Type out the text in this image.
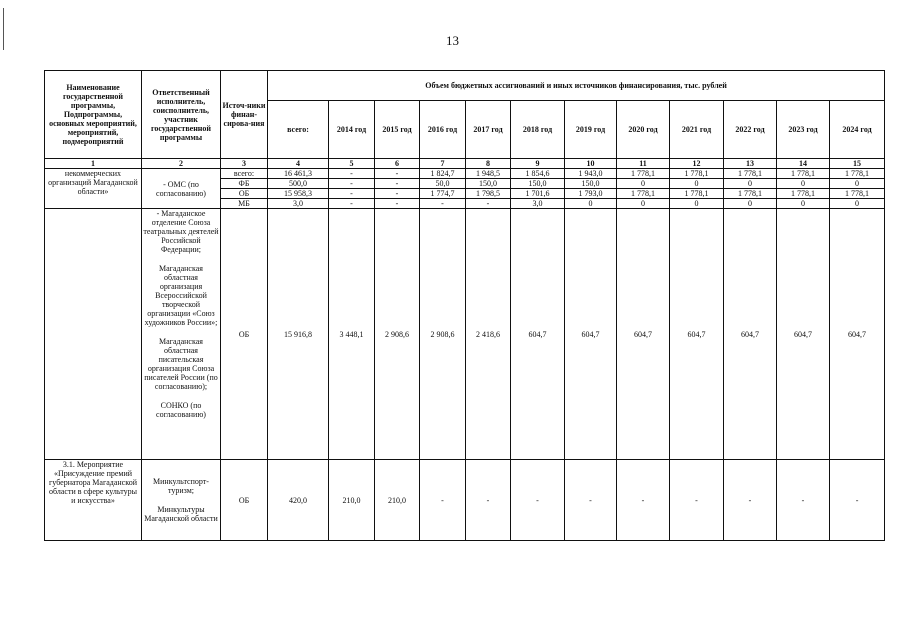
13
Наименование государственной программы, Подпрограммы, основных мероприятий, мероприятий, подмероприятий	Ответственный исполнитель, соисполнитель, участник государственной программы	Источ-ники финан-сирова-ния	Объем бюджетных ассигнований и иных источников финансирования, тыс. рублей											
			всего:	2014 год	2015 год	2016 год	2017 год	2018 год	2019 год	2020 год	2021 год	2022 год	2023 год	2024 год
1	2	3	4	5	6	7	8	9	10	11	12	13	14	15
некоммерческих организаций Магаданской области»	- ОМС (по согласованию)	всего:	16 461,3	-	-	1 824,7	1 948,5	1 854,6	1 943,0	1 778,1	1 778,1	1 778,1	1 778,1	1 778,1
		ФБ	500,0	-	-	50,0	150,0	150,0	150,0	0	0	0	0	0
		ОБ	15 958,3	-	-	1 774,7	1 798,5	1 701,6	1 793,0	1 778,1	1 778,1	1 778,1	1 778,1	1 778,1
		МБ	3,0	-	-	-	-	3,0	0	0	0	0	0	0

	- Магаданское отделение Союза театральных деятелей Российской Федерации;
Магаданская областная организация Всероссийской творческой организации «Союз художников России»;
Магаданская областная писательская организация Союза писателей России (по согласованию);
СОНКО (по согласованию)	ОБ	15 916,8	3 448,1	2 908,6	2 908,6	2 418,6	604,7	604,7	604,7	604,7	604,7	604,7	604,7
3.1. Мероприятие «Присуждение премий губернатора Магаданской области в сфере культуры и искусства»	Минкультспорт-туризм;
Минкультуры Магаданской области	ОБ	420,0	210,0	210,0	-	-	-	-	-	-	-	-	-
